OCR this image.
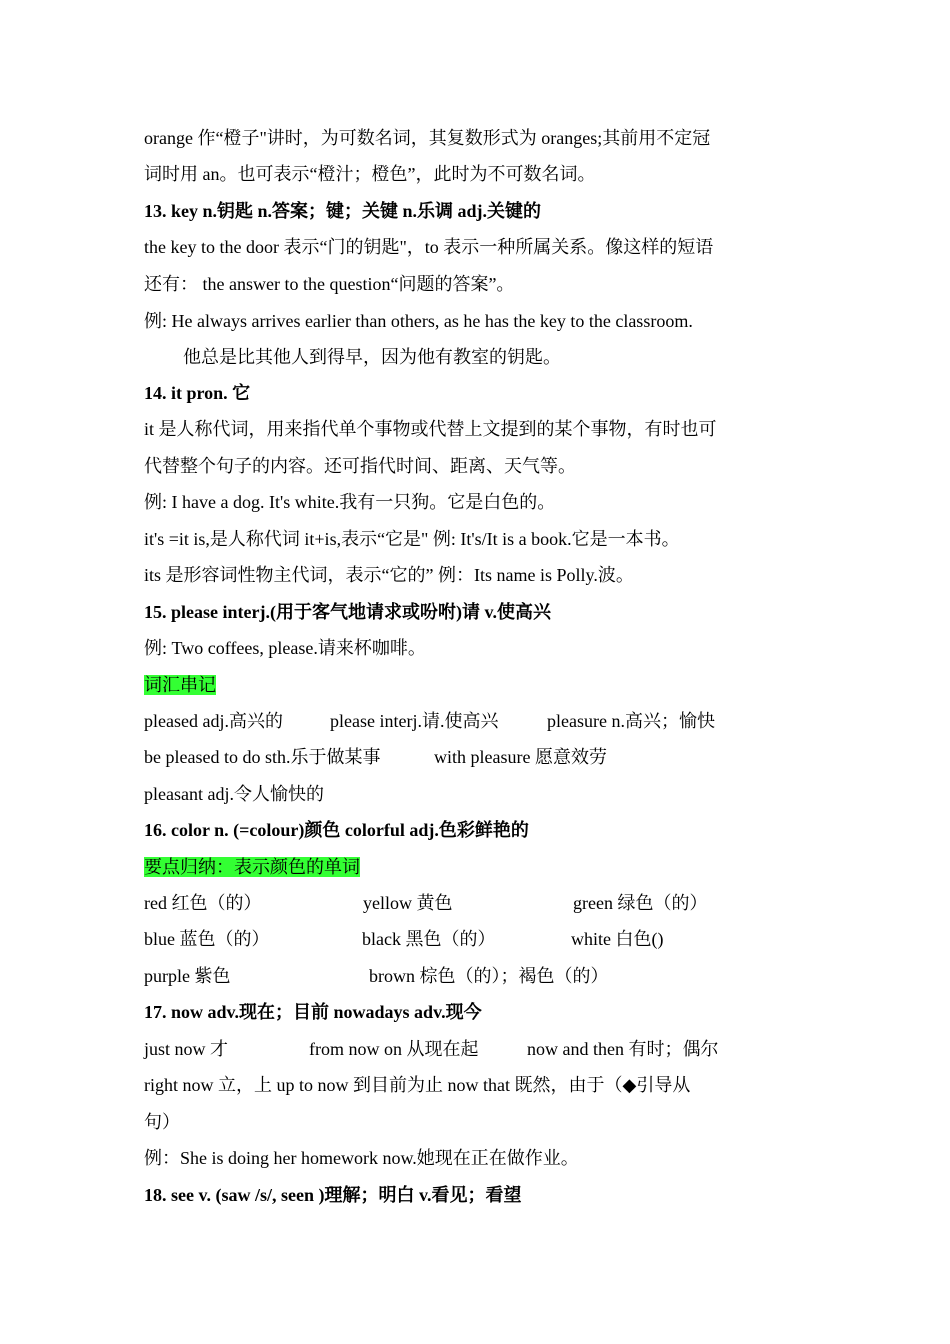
orange 作“橙子"讲时，为可数名词，其复数形式为 oranges;其前用不定冠
词时用 an。也可表示“橙汁；橙色”，此时为不可数名词。
13. key n.钥匙 n.答案；键；关键 n.乐调 adj.关键的
the key to the door 表示“门的钥匙"，to 表示一种所属关系。像这样的短语
还有： the answer to the question“问题的答案”。
例: He always arrives earlier than others, as he has the key to the classroom.
他总是比其他人到得早，因为他有教室的钥匙。
14. it pron. 它
it 是人称代词，用来指代单个事物或代替上文提到的某个事物，有时也可
代替整个句子的内容。还可指代时间、距离、天气等。
例: I have a dog. It's white.我有一只狗。它是白色的。
it's =it is,是人称代词 it+is,表示“它是" 例: It's/It is a book.它是一本书。
its 是形容词性物主代词，表示“它的” 例：Its name is Polly.波。
15. please interj.(用于客气地请求或吩咐)请 v.使高兴
例: Two coffees, please.请来杯咖啡。
词汇串记
pleased adj.高兴的	please interj.请.使高兴	pleasure n.高兴；愉快
be pleased to do sth.乐于做某事	with pleasure 愿意效劳
pleasant adj.令人愉快的
16. color n. (=colour)颜色 colorful adj.色彩鲜艳的
要点归纳：表示颜色的单词
red 红色（的）	yellow 黄色	green 绿色（的）
blue 蓝色（的）	black 黑色（的）	white 白色()
purple 紫色	brown 棕色（的）；褐色（的）
17. now adv.现在；目前 nowadays adv.现今
just now 才	from now on 从现在起	now and then 有时；偶尔
right now 立，上 up to now 到目前为止 now that 既然，由于（◆引导从
句）
例：She is doing her homework now.她现在正在做作业。
18. see v. (saw /s/, seen )理解；明白 v.看见；看望
